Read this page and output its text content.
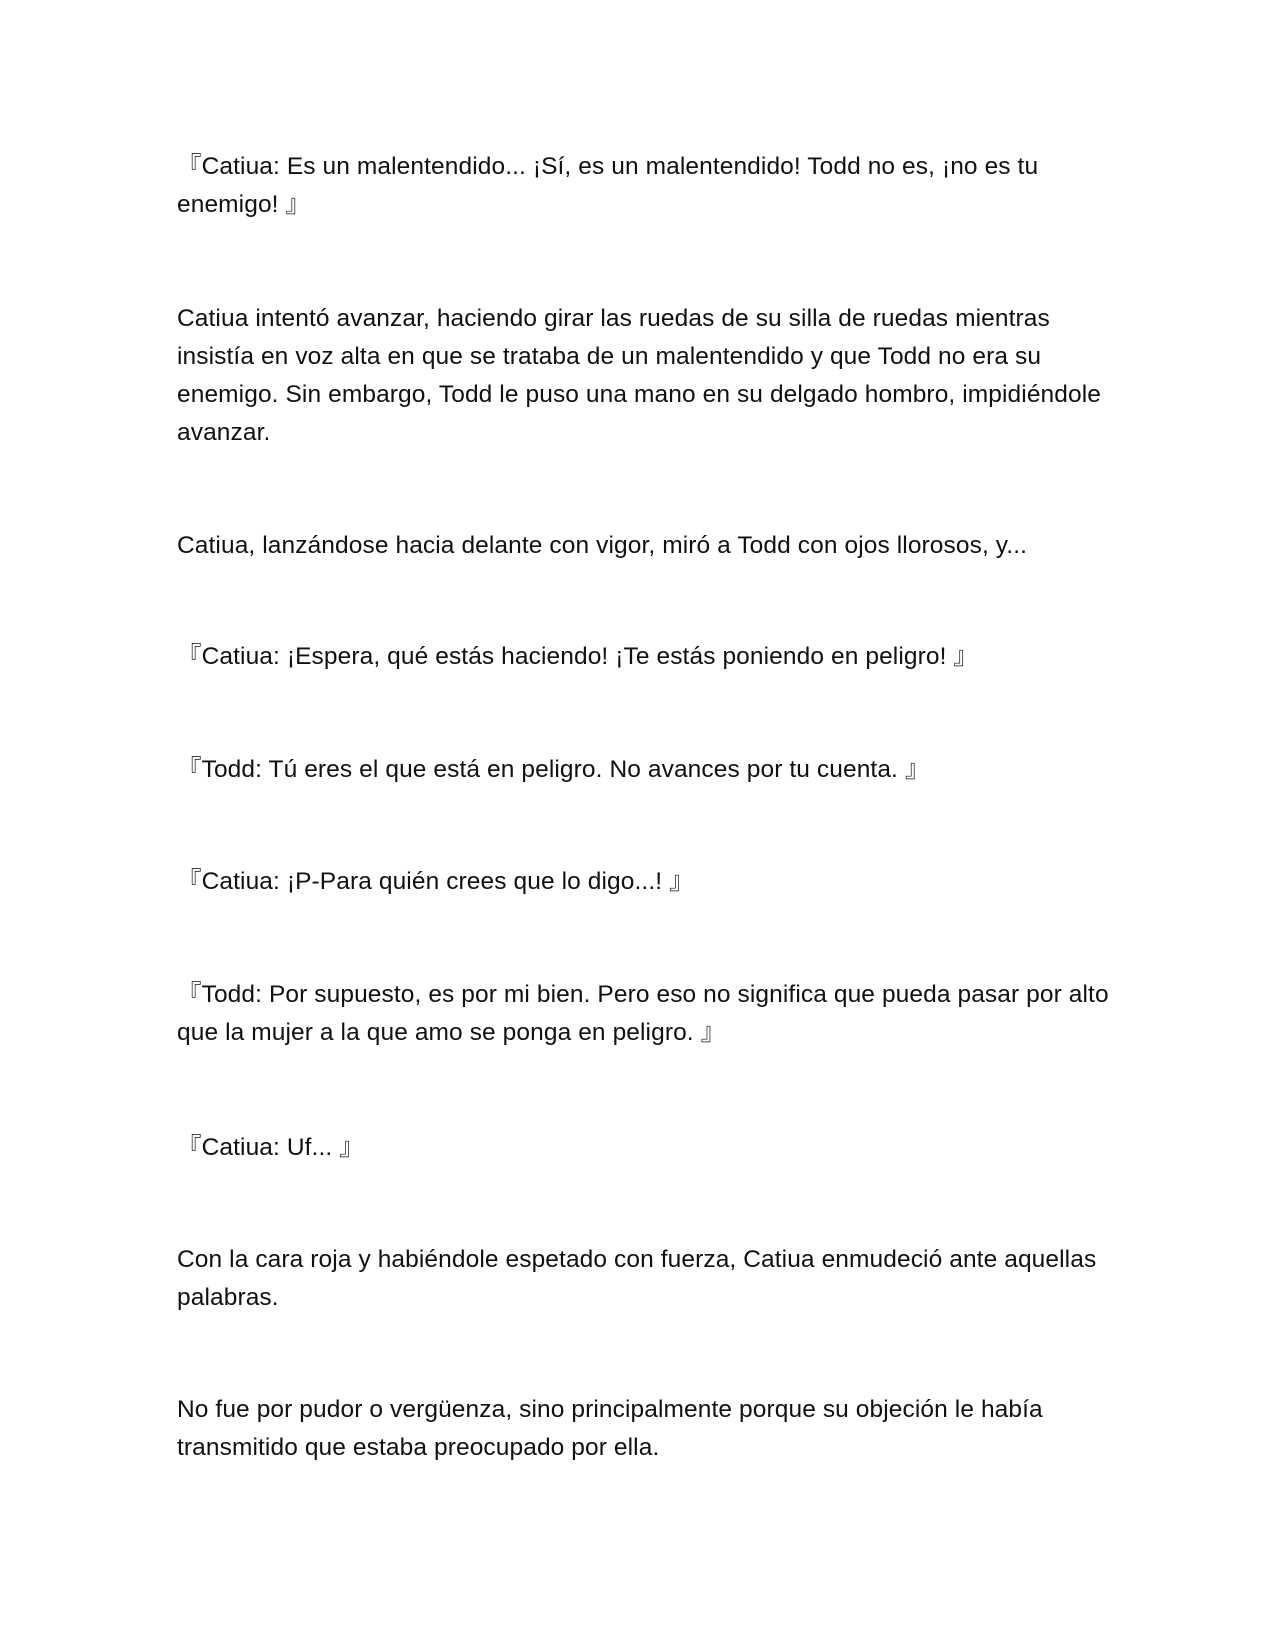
『Catiua: Es un malentendido... ¡Sí, es un malentendido! Todd no es, ¡no es tu enemigo! 』

Catiua intentó avanzar, haciendo girar las ruedas de su silla de ruedas mientras insistía en voz alta en que se trataba de un malentendido y que Todd no era su enemigo. Sin embargo, Todd le puso una mano en su delgado hombro, impidiéndole avanzar.

Catiua, lanzándose hacia delante con vigor, miró a Todd con ojos llorosos, y...

『Catiua: ¡Espera, qué estás haciendo! ¡Te estás poniendo en peligro! 』

『Todd: Tú eres el que está en peligro. No avances por tu cuenta. 』

『Catiua: ¡P-Para quién crees que lo digo...! 』

『Todd: Por supuesto, es por mi bien. Pero eso no significa que pueda pasar por alto que la mujer a la que amo se ponga en peligro. 』

『Catiua: Uf... 』

Con la cara roja y habiéndole espetado con fuerza, Catiua enmudeció ante aquellas palabras.

No fue por pudor o vergüenza, sino principalmente porque su objeción le había transmitido que estaba preocupado por ella.
